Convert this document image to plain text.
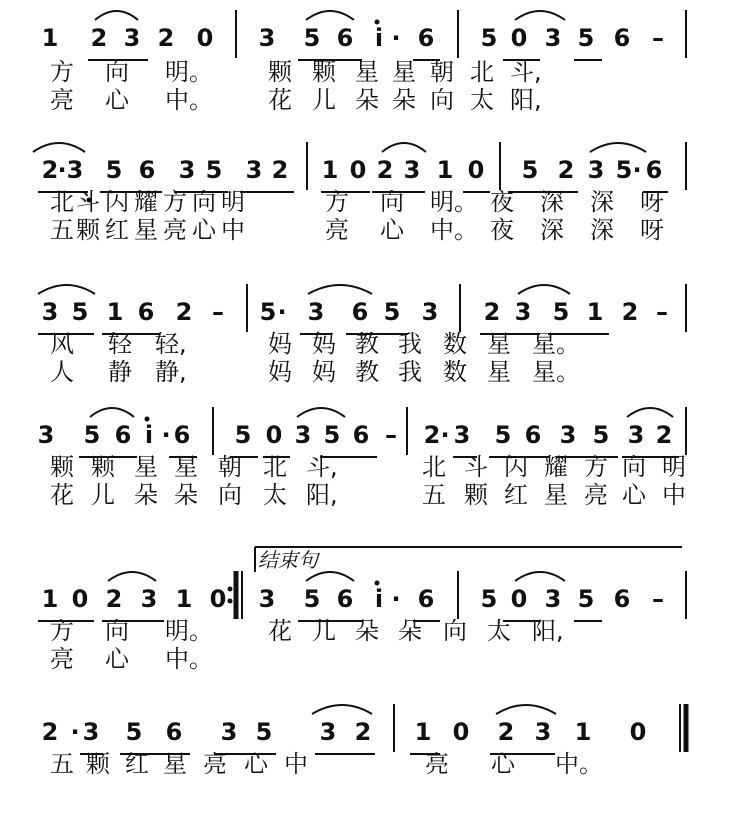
1 2 3 2 0 3 5 6 i · 6 5 0 3 5 6 –
2 · 3 5 6 3 5 3 2 1 0 2 3 1 0 5 2 3 5 · 6
3 5 1 6 2 – 5 · 3 6 5 3 2 3 5 1 2 –
3 5 6 i · 6 5 0 3 5 6 – 2 · 3 5 6 3 5 3 2
1 0 2 3 1 0 3 5 6 i · 6 5 0 3 5 6 –
2 · 3 5 6 3 5 3 2 1 0 2 3 1 0
方 向 明。 颗 颗 星 星 朝 北 斗,
亮 心 中。 花 儿 朵 朵 向 太 阳,
北 斗 闪 耀 方 向 明	方 向 明。 夜 深 深 呀
五 颗 红 星 亮 心 中	亮 心 中。 夜 深 深 呀
风 轻 轻,	妈 妈 教 我 数 星 星。
人 静 静,	妈 妈 教 我 数 星 星。
颗 颗 星 星 朝 北 斗,	北 斗 闪 耀 方 向 明
花 儿 朵 朵 向 太 阳,	五 颗 红 星 亮 心 中
方 向 明。 花 儿 朵 朵 向 太 阳,
亮 心 中。
五 颗 红 星 亮 心 中	亮 心 中。
结束句
